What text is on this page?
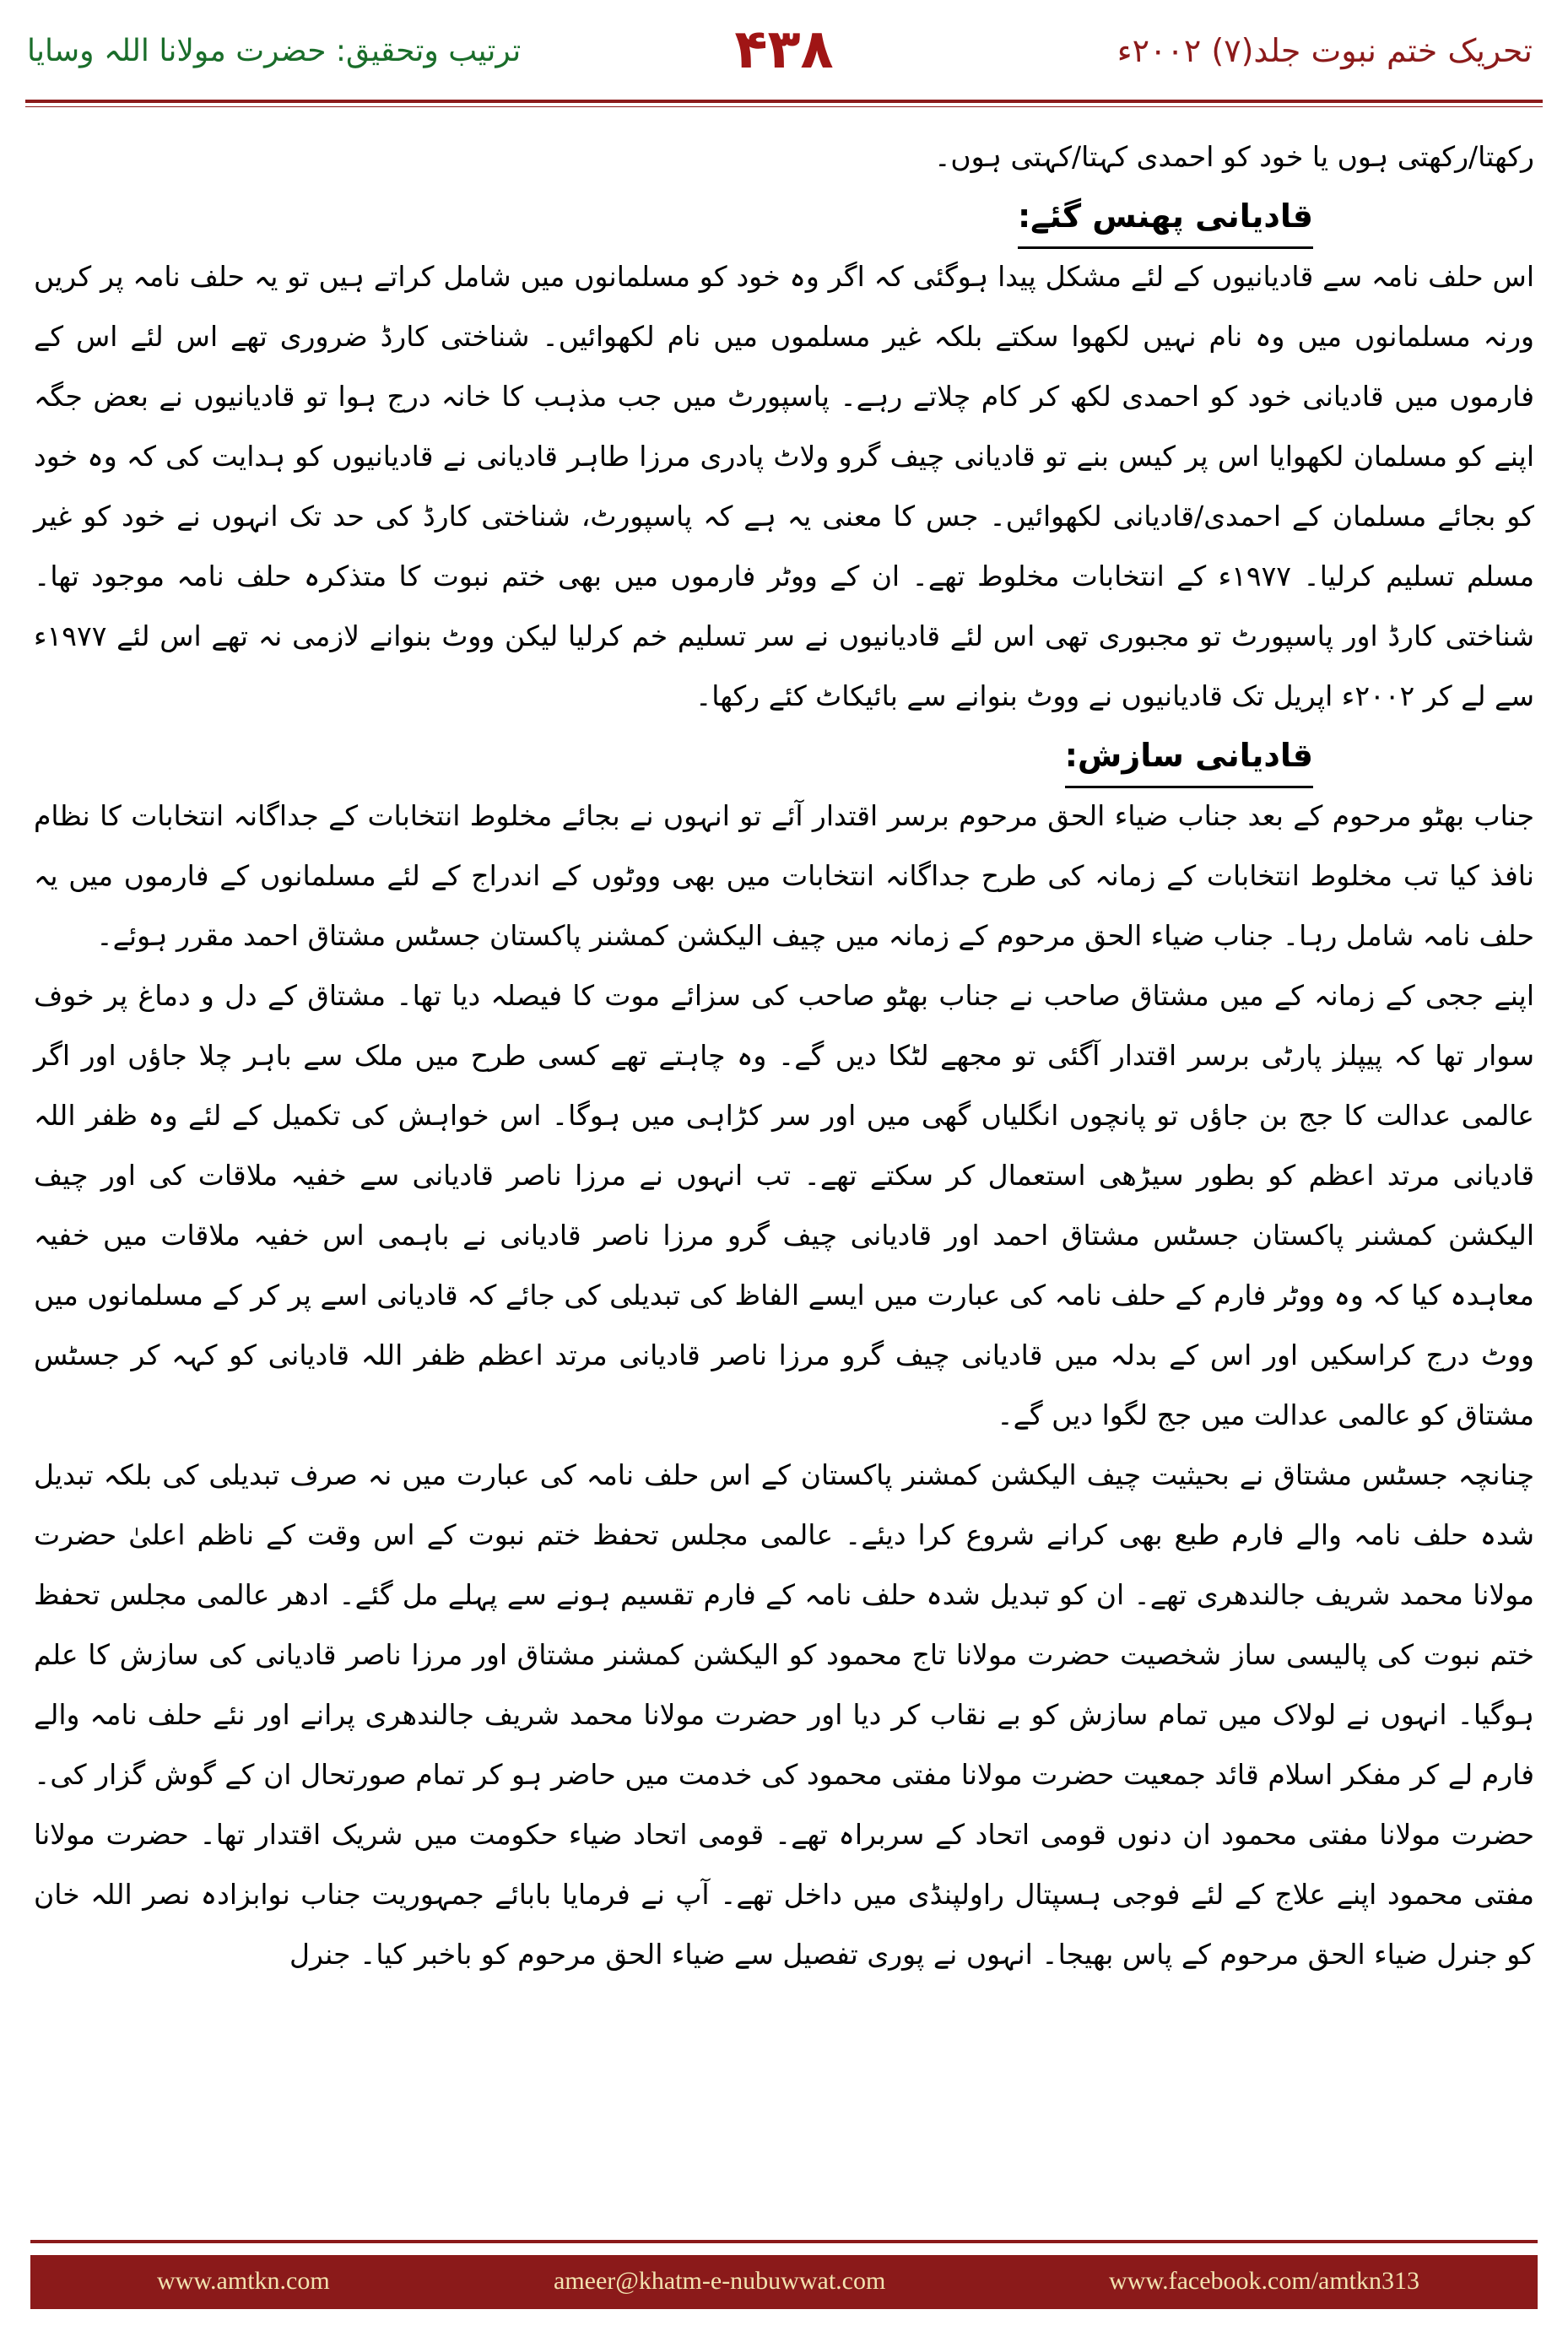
تحریک ختم نبوت جلد(۷) ۲۰۰۲ء
۴۳۸
ترتیب وتحقیق: حضرت مولانا اللہ وسایا

رکھتا/رکھتی ہوں یا خود کو احمدی کہتا/کہتی ہوں۔

قادیانی پھنس گئے:

اس حلف نامہ سے قادیانیوں کے لئے مشکل پیدا ہوگئی کہ اگر وہ خود کو مسلمانوں میں شامل کراتے ہیں تو یہ حلف نامہ پر کریں ورنہ مسلمانوں میں وہ نام نہیں لکھوا سکتے بلکہ غیر مسلموں میں نام لکھوائیں۔ شناختی کارڈ ضروری تھے اس لئے اس کے فارموں میں قادیانی خود کو احمدی لکھ کر کام چلاتے رہے۔ پاسپورٹ میں جب مذہب کا خانہ درج ہوا تو قادیانیوں نے بعض جگہ اپنے کو مسلمان لکھوایا اس پر کیس بنے تو قادیانی چیف گرو ولاٹ پادری مرزا طاہر قادیانی نے قادیانیوں کو ہدایت کی کہ وہ خود کو بجائے مسلمان کے احمدی/قادیانی لکھوائیں۔ جس کا معنی یہ ہے کہ پاسپورٹ، شناختی کارڈ کی حد تک انہوں نے خود کو غیر مسلم تسلیم کرلیا۔ ۱۹۷۷ء کے انتخابات مخلوط تھے۔ ان کے ووٹر فارموں میں بھی ختم نبوت کا متذکرہ حلف نامہ موجود تھا۔ شناختی کارڈ اور پاسپورٹ تو مجبوری تھی اس لئے قادیانیوں نے سر تسلیم خم کرلیا لیکن ووٹ بنوانے لازمی نہ تھے اس لئے ۱۹۷۷ء سے لے کر ۲۰۰۲ء اپریل تک قادیانیوں نے ووٹ بنوانے سے بائیکاٹ کئے رکھا۔

قادیانی سازش:

جناب بھٹو مرحوم کے بعد جناب ضیاء الحق مرحوم برسر اقتدار آئے تو انہوں نے بجائے مخلوط انتخابات کے جداگانہ انتخابات کا نظام نافذ کیا تب مخلوط انتخابات کے زمانہ کی طرح جداگانہ انتخابات میں بھی ووٹوں کے اندراج کے لئے مسلمانوں کے فارموں میں یہ حلف نامہ شامل رہا۔ جناب ضیاء الحق مرحوم کے زمانہ میں چیف الیکشن کمشنر پاکستان جسٹس مشتاق احمد مقرر ہوئے۔

اپنے ججی کے زمانہ کے میں مشتاق صاحب نے جناب بھٹو صاحب کی سزائے موت کا فیصلہ دیا تھا۔ مشتاق کے دل و دماغ پر خوف سوار تھا کہ پیپلز پارٹی برسر اقتدار آگئی تو مجھے لٹکا دیں گے۔ وہ چاہتے تھے کسی طرح میں ملک سے باہر چلا جاؤں اور اگر عالمی عدالت کا جج بن جاؤں تو پانچوں انگلیاں گھی میں اور سر کڑاہی میں ہوگا۔ اس خواہش کی تکمیل کے لئے وہ ظفر اللہ قادیانی مرتد اعظم کو بطور سیڑھی استعمال کر سکتے تھے۔ تب انہوں نے مرزا ناصر قادیانی سے خفیہ ملاقات کی اور چیف الیکشن کمشنر پاکستان جسٹس مشتاق احمد اور قادیانی چیف گرو مرزا ناصر قادیانی نے باہمی اس خفیہ ملاقات میں خفیہ معاہدہ کیا کہ وہ ووٹر فارم کے حلف نامہ کی عبارت میں ایسے الفاظ کی تبدیلی کی جائے کہ قادیانی اسے پر کر کے مسلمانوں میں ووٹ درج کراسکیں اور اس کے بدلہ میں قادیانی چیف گرو مرزا ناصر قادیانی مرتد اعظم ظفر اللہ قادیانی کو کہہ کر جسٹس مشتاق کو عالمی عدالت میں جج لگوا دیں گے۔

چنانچہ جسٹس مشتاق نے بحیثیت چیف الیکشن کمشنر پاکستان کے اس حلف نامہ کی عبارت میں نہ صرف تبدیلی کی بلکہ تبدیل شدہ حلف نامہ والے فارم طبع بھی کرانے شروع کرا دیئے۔ عالمی مجلس تحفظ ختم نبوت کے اس وقت کے ناظم اعلیٰ حضرت مولانا محمد شریف جالندھری تھے۔ ان کو تبدیل شدہ حلف نامہ کے فارم تقسیم ہونے سے پہلے مل گئے۔ ادھر عالمی مجلس تحفظ ختم نبوت کی پالیسی ساز شخصیت حضرت مولانا تاج محمود کو الیکشن کمشنر مشتاق اور مرزا ناصر قادیانی کی سازش کا علم ہوگیا۔ انہوں نے لولاک میں تمام سازش کو بے نقاب کر دیا اور حضرت مولانا محمد شریف جالندھری پرانے اور نئے حلف نامہ والے فارم لے کر مفکر اسلام قائد جمعیت حضرت مولانا مفتی محمود کی خدمت میں حاضر ہو کر تمام صورتحال ان کے گوش گزار کی۔ حضرت مولانا مفتی محمود ان دنوں قومی اتحاد کے سربراہ تھے۔ قومی اتحاد ضیاء حکومت میں شریک اقتدار تھا۔ حضرت مولانا مفتی محمود اپنے علاج کے لئے فوجی ہسپتال راولپنڈی میں داخل تھے۔ آپ نے فرمایا بابائے جمہوریت جناب نوابزادہ نصر اللہ خان کو جنرل ضیاء الحق مرحوم کے پاس بھیجا۔ انہوں نے پوری تفصیل سے ضیاء الحق مرحوم کو باخبر کیا۔ جنرل

www.amtkn.com	ameer@khatm-e-nubuwwat.com	www.facebook.com/amtkn313
